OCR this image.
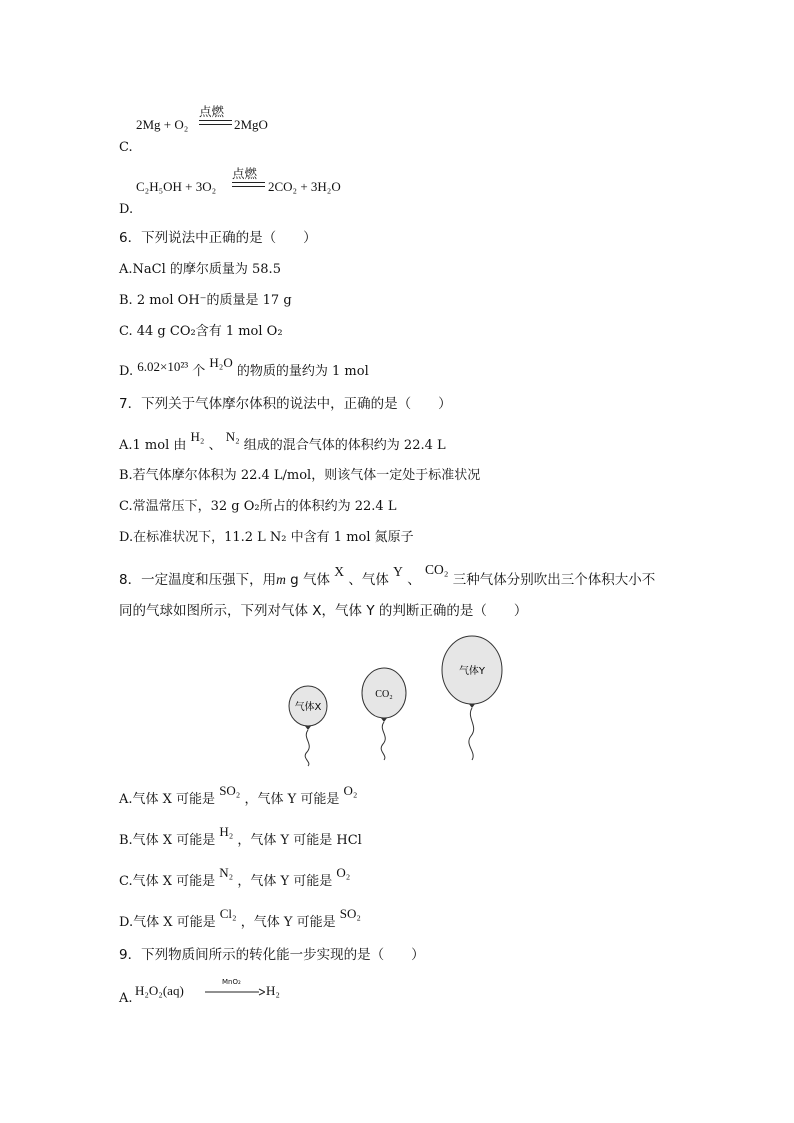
2Mg + O₂
点燃
2MgO
C.
C₂H₅OH + 3O₂
点燃
2CO₂ + 3H₂O
D.
6．下列说法中正确的是（　　）
A.NaCl 的摩尔质量为 58.5
B. 2 mol OH⁻的质量是 17 g
C. 44 g CO₂含有 1 mol O₂
D. 6.02×10²³ 个 H₂O 的物质的量约为 1 mol
7．下列关于气体摩尔体积的说法中，正确的是（　　）
A.1 mol 由 H₂ 、 N₂ 组成的混合气体的体积约为 22.4 L
B.若气体摩尔体积为 22.4 L/mol，则该气体一定处于标准状况
C.常温常压下，32 g O₂所占的体积约为 22.4 L
D.在标准状况下，11.2 L N₂ 中含有 1 mol 氮原子
8．一定温度和压强下，用m g 气体 X 、气体 Y 、 CO₂ 三种气体分别吹出三个体积大小不
同的气球如图所示，下列对气体 X，气体 Y 的判断正确的是（　　）
气体X
CO₂
气体Y
A.气体 X 可能是 SO₂ ，气体 Y 可能是 O₂
B.气体 X 可能是 H₂ ，气体 Y 可能是 HCl
C.气体 X 可能是 N₂ ，气体 Y 可能是 O₂
D.气体 X 可能是 Cl₂ ，气体 Y 可能是 SO₂
9．下列物质间所示的转化能一步实现的是（　　）
A.
H₂O₂(aq)
MnO₂
→ H₂
